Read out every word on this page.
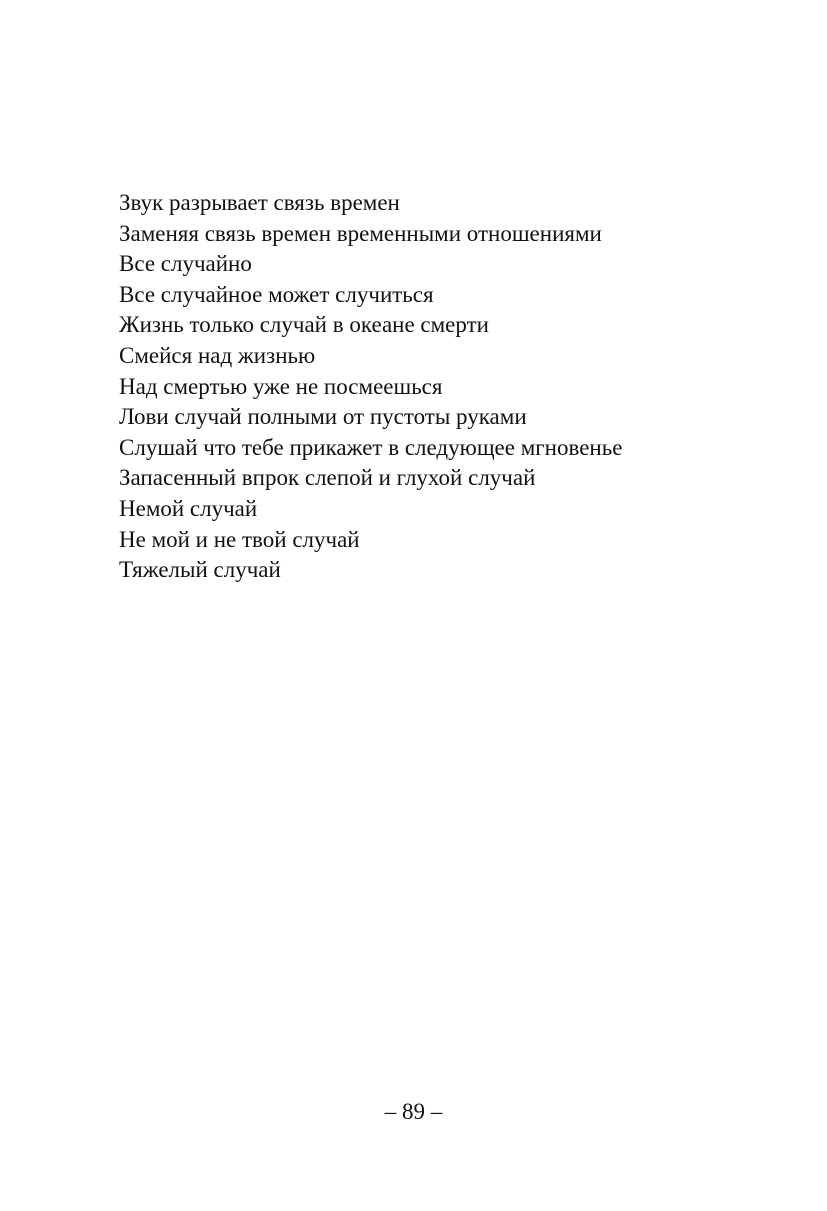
Звук разрывает связь времен
Заменяя связь времен временными отношениями
Все случайно
Все случайное может случиться
Жизнь только случай в океане смерти
Смейся над жизнью
Над смертью уже не посмеешься
Лови случай полными от пустоты руками
Слушай что тебе прикажет в следующее мгновенье
Запасенный впрок слепой и глухой случай
Немой случай
Не мой и не твой случай
Тяжелый случай
– 89 –
